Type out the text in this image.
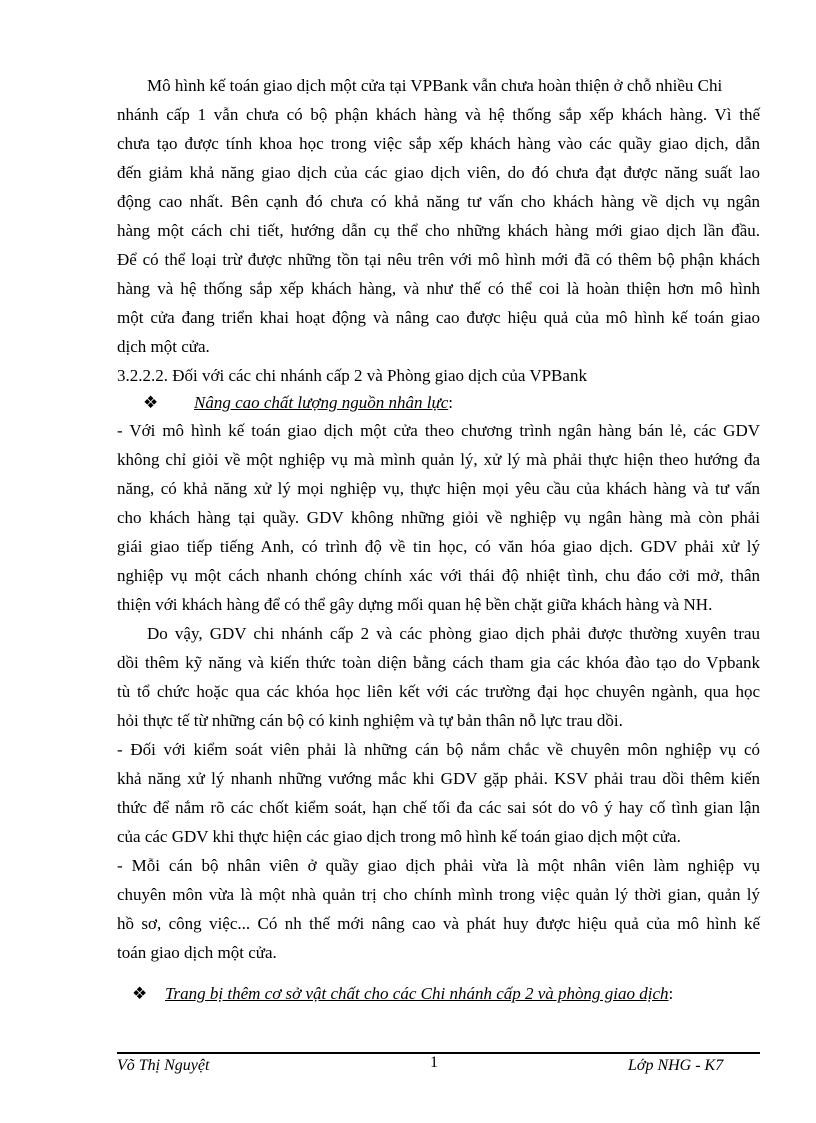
Mô hình kế toán giao dịch một cửa tại VPBank vẫn chưa hoàn thiện ở chỗ nhiều Chi
nhánh cấp 1 vẫn chưa có bộ phận khách hàng và hệ thống sắp xếp khách hàng. Vì thế
chưa tạo được tính khoa học trong việc sắp xếp khách hàng vào các quầy giao dịch, dẫn
đến giảm khả năng giao dịch của các giao dịch viên, do đó chưa đạt được năng suất lao
động cao nhất. Bên cạnh đó chưa có khả năng tư vấn cho khách hàng về dịch vụ ngân
hàng một cách chi tiết, hướng dẫn cụ thể cho những khách hàng mới giao dịch lần đầu.
Để có thể loại trừ được những tồn tại nêu trên với mô hình mới đã có thêm bộ phận khách
hàng và hệ thống sắp xếp khách hàng, và như thế có thể coi là hoàn thiện hơn mô hình
một cửa đang triển khai hoạt động và nâng cao được hiệu quả của mô hình kế toán giao
dịch một cửa.
3.2.2.2. Đối với các chi nhánh cấp 2 và Phòng giao dịch của VPBank
❖ Nâng cao chất lượng nguồn nhân lực:
- Với mô hình kế toán giao dịch một cửa theo chương trình ngân hàng bán lẻ, các GDV
không chỉ giỏi về một nghiệp vụ mà mình quản lý, xử lý mà phải thực hiện theo hướng đa
năng, có khả năng xử lý mọi nghiệp vụ, thực hiện mọi yêu cầu của khách hàng và tư vấn
cho khách hàng tại quầy. GDV không những giỏi về nghiệp vụ ngân hàng mà còn phải
giái giao tiếp tiếng Anh, có trình độ về tin học, có văn hóa giao dịch. GDV phải xử lý
nghiệp vụ một cách nhanh chóng chính xác với thái độ nhiệt tình, chu đáo cởi mở, thân
thiện với khách hàng để có thể gây dựng mối quan hệ bền chặt giữa khách hàng và NH.
Do vậy, GDV chi nhánh cấp 2 và các phòng giao dịch phải được thường xuyên trau
dồi thêm kỹ năng và kiến thức toàn diện bằng cách tham gia các khóa đào tạo do Vpbank
tù tổ chức hoặc qua các khóa học liên kết với các trường đại học chuyên ngành, qua học
hỏi thực tế từ những cán bộ có kinh nghiệm và tự bản thân nỗ lực trau dồi.
- Đối với kiểm soát viên phải là những cán bộ nắm chắc về chuyên môn nghiệp vụ có
khả năng xử lý nhanh những vướng mắc khi GDV gặp phải. KSV phải trau dồi thêm kiến
thức để nắm rõ các chốt kiểm soát, hạn chế tối đa các sai sót do vô ý hay cố tình gian lận
của các GDV khi thực hiện các giao dịch trong mô hình kế toán giao dịch một cửa.
- Mỗi cán bộ nhân viên ở quầy giao dịch phải vừa là một nhân viên làm nghiệp vụ
chuyên môn vừa là một nhà quản trị cho chính mình trong việc quản lý thời gian, quản lý
hồ sơ, công việc... Có nh thế mới nâng cao và phát huy được hiệu quả của mô hình kế
toán giao dịch một cửa.
❖ Trang bị thêm cơ sở vật chất cho các Chi nhánh cấp 2 và phòng giao dịch:
Võ Thị Nguyệt	1	Lớp NHG - K7
